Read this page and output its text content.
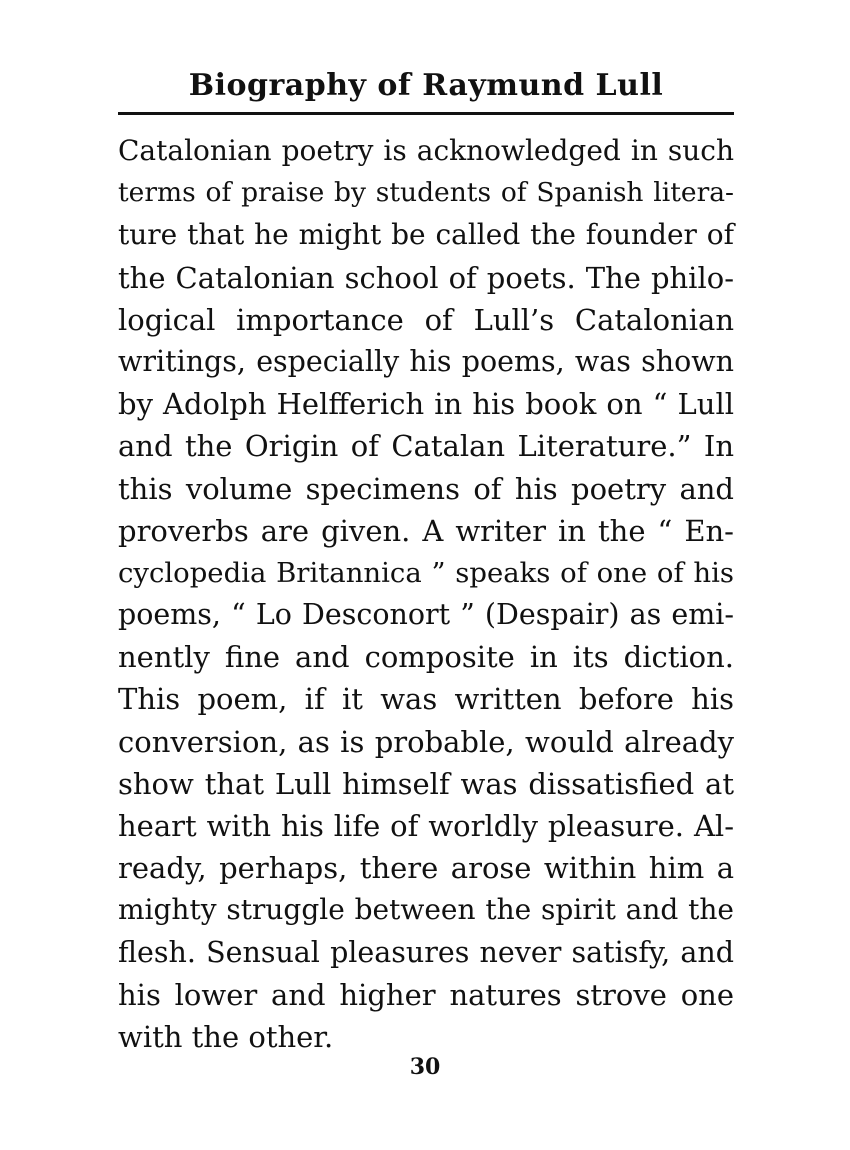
Biography of Raymund Lull
Catalonian poetry is acknowledged in such
terms of praise by students of Spanish litera-
ture that he might be called the founder of
the Catalonian school of poets. The philo-
logical importance of Lull’s Catalonian
writings, especially his poems, was shown
by Adolph Helfferich in his book on “ Lull
and the Origin of Catalan Literature.” In
this volume specimens of his poetry and
proverbs are given. A writer in the “ En-
cyclopedia Britannica ” speaks of one of his
poems, “ Lo Desconort ” (Despair) as emi-
nently fine and composite in its diction.
This poem, if it was written before his
conversion, as is probable, would already
show that Lull himself was dissatisfied at
heart with his life of worldly pleasure. Al-
ready, perhaps, there arose within him a
mighty struggle between the spirit and the
flesh. Sensual pleasures never satisfy, and
his lower and higher natures strove one
with the other.
30
